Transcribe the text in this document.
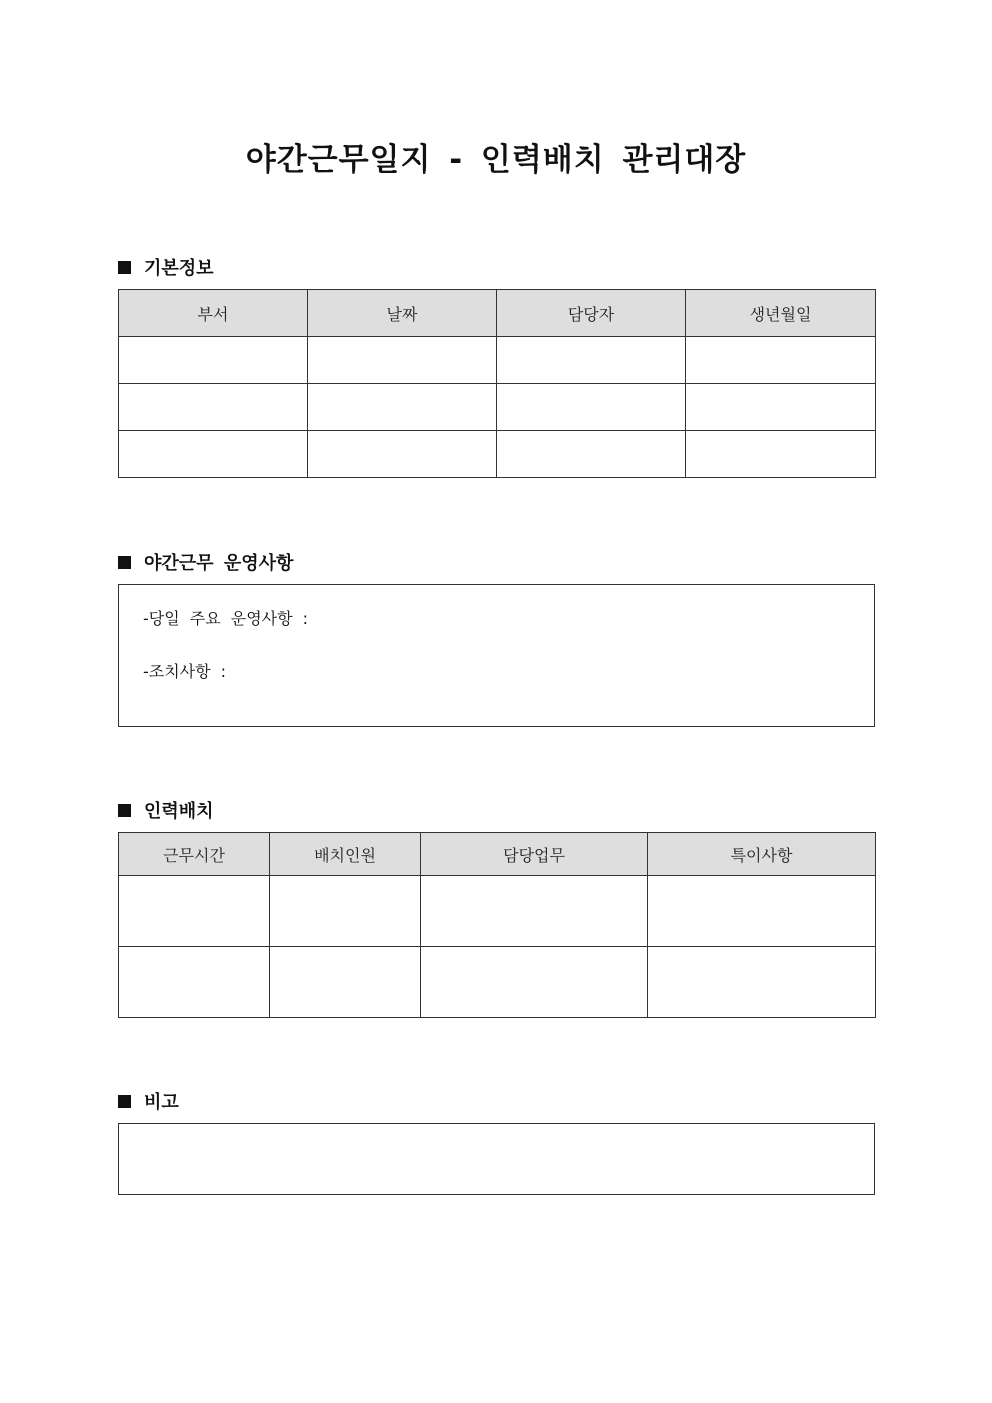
야간근무일지 - 인력배치 관리대장
기본정보
부서	날짜	담당자	생년월일

야간근무 운영사항
-당일 주요 운영사항 :
-조치사항 :
인력배치
근무시간	배치인원	담당업무	특이사항

비고
